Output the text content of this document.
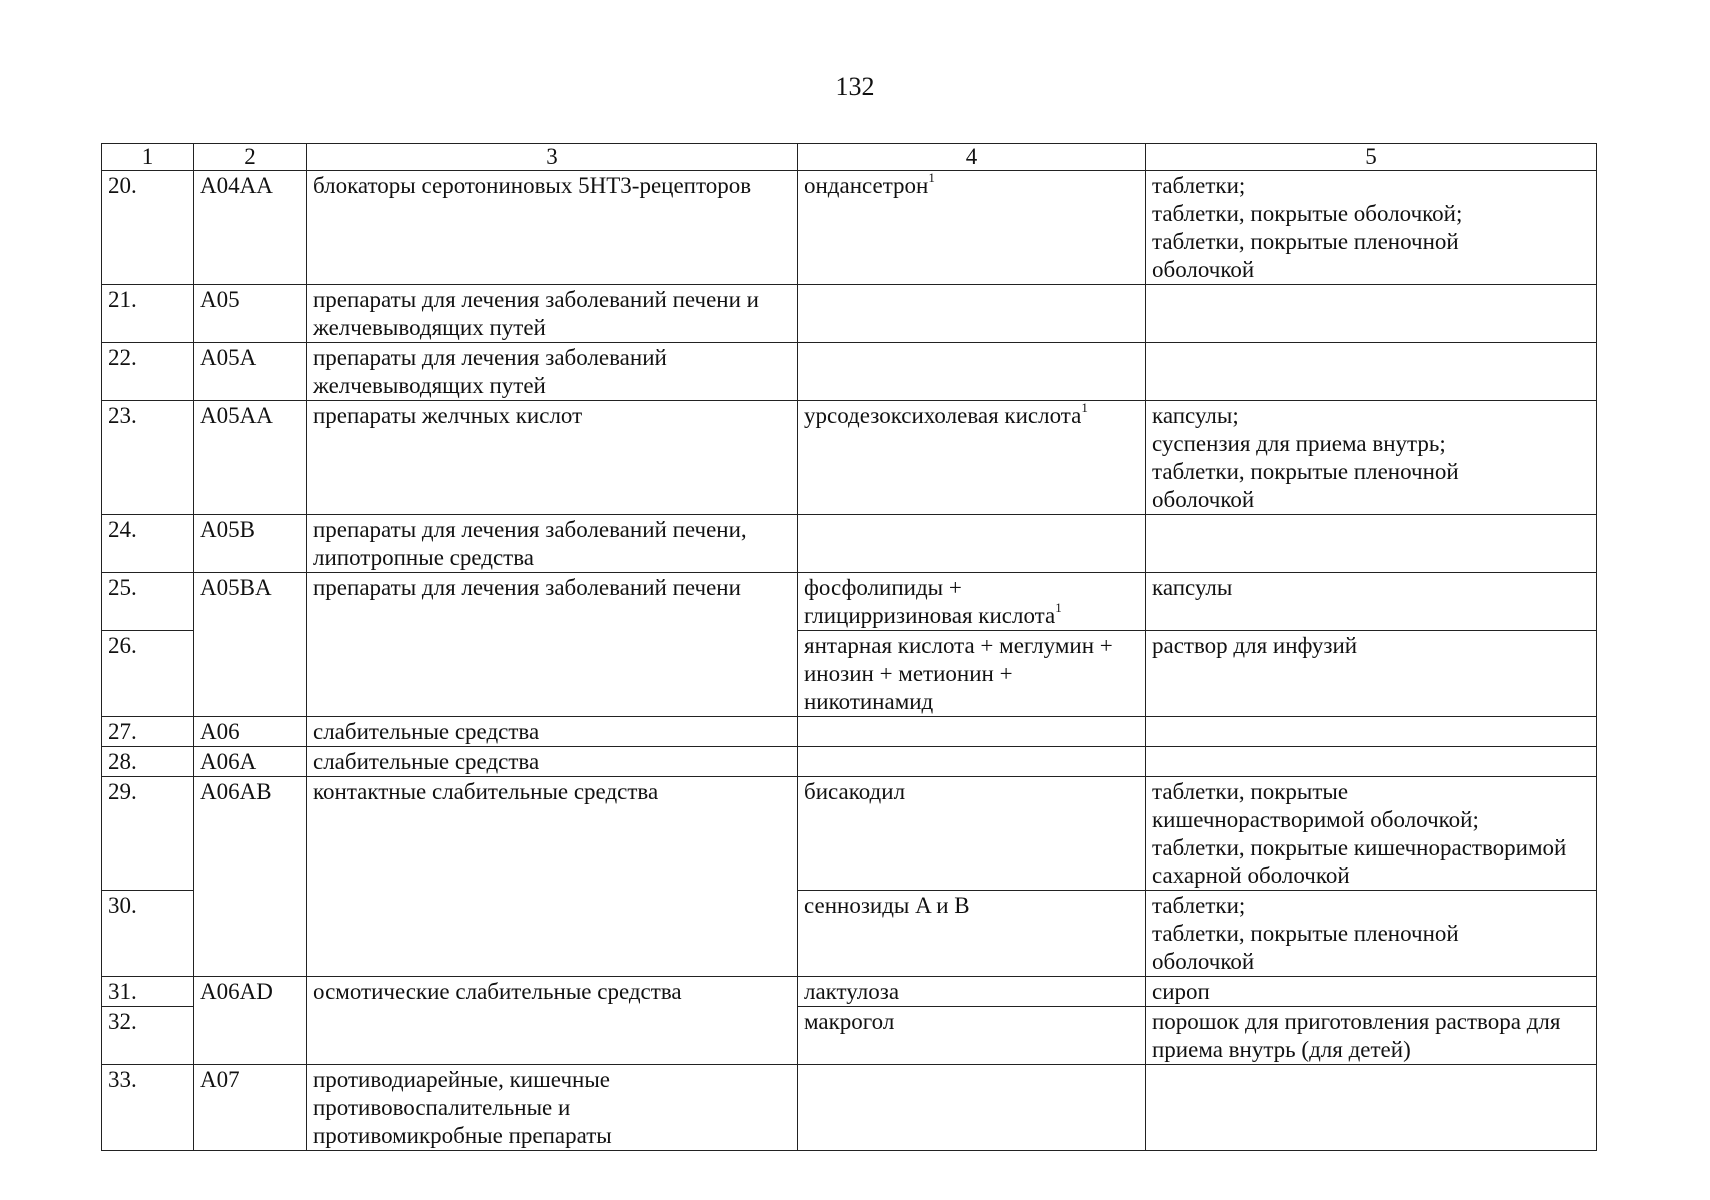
132
1	2	3	4	5
20.	A04AA	блокаторы серотониновых 5HT3-рецепторов	ондансетрон$^1$	таблетки;
таблетки, покрытые оболочкой;
таблетки, покрытые пленочной
оболочкой

21.	A05	препараты для лечения заболеваний печени и
желчевыводящих путей		

22.	A05A	препараты для лечения заболеваний
желчевыводящих путей		

23.	A05AA	препараты желчных кислот	урсодезоксихолевая кислота$^1$	капсулы;
суспензия для приема внутрь;
таблетки, покрытые пленочной
оболочкой

24.	A05B	препараты для лечения заболеваний печени,
липотропные средства		

25.	A05BA	препараты для лечения заболеваний печени	фосфолипиды +
глицирризиновая кислота$^1$	капсулы

26.			янтарная кислота + меглумин +
инозин + метионин +
никотинамид	раствор для инфузий

27.	A06	слабительные средства		

28.	A06A	слабительные средства		

29.	A06AB	контактные слабительные средства	бисакодил	таблетки, покрытые
кишечнорастворимой оболочкой;
таблетки, покрытые кишечнорастворимой
сахарной оболочкой

30.			сеннозиды A и B	таблетки;
таблетки, покрытые пленочной
оболочкой

31.	A06AD	осмотические слабительные средства	лактулоза	сироп

32.			макрогол	порошок для приготовления раствора для
приема внутрь (для детей)

33.	A07	противодиарейные, кишечные
противовоспалительные и
противомикробные препараты		
